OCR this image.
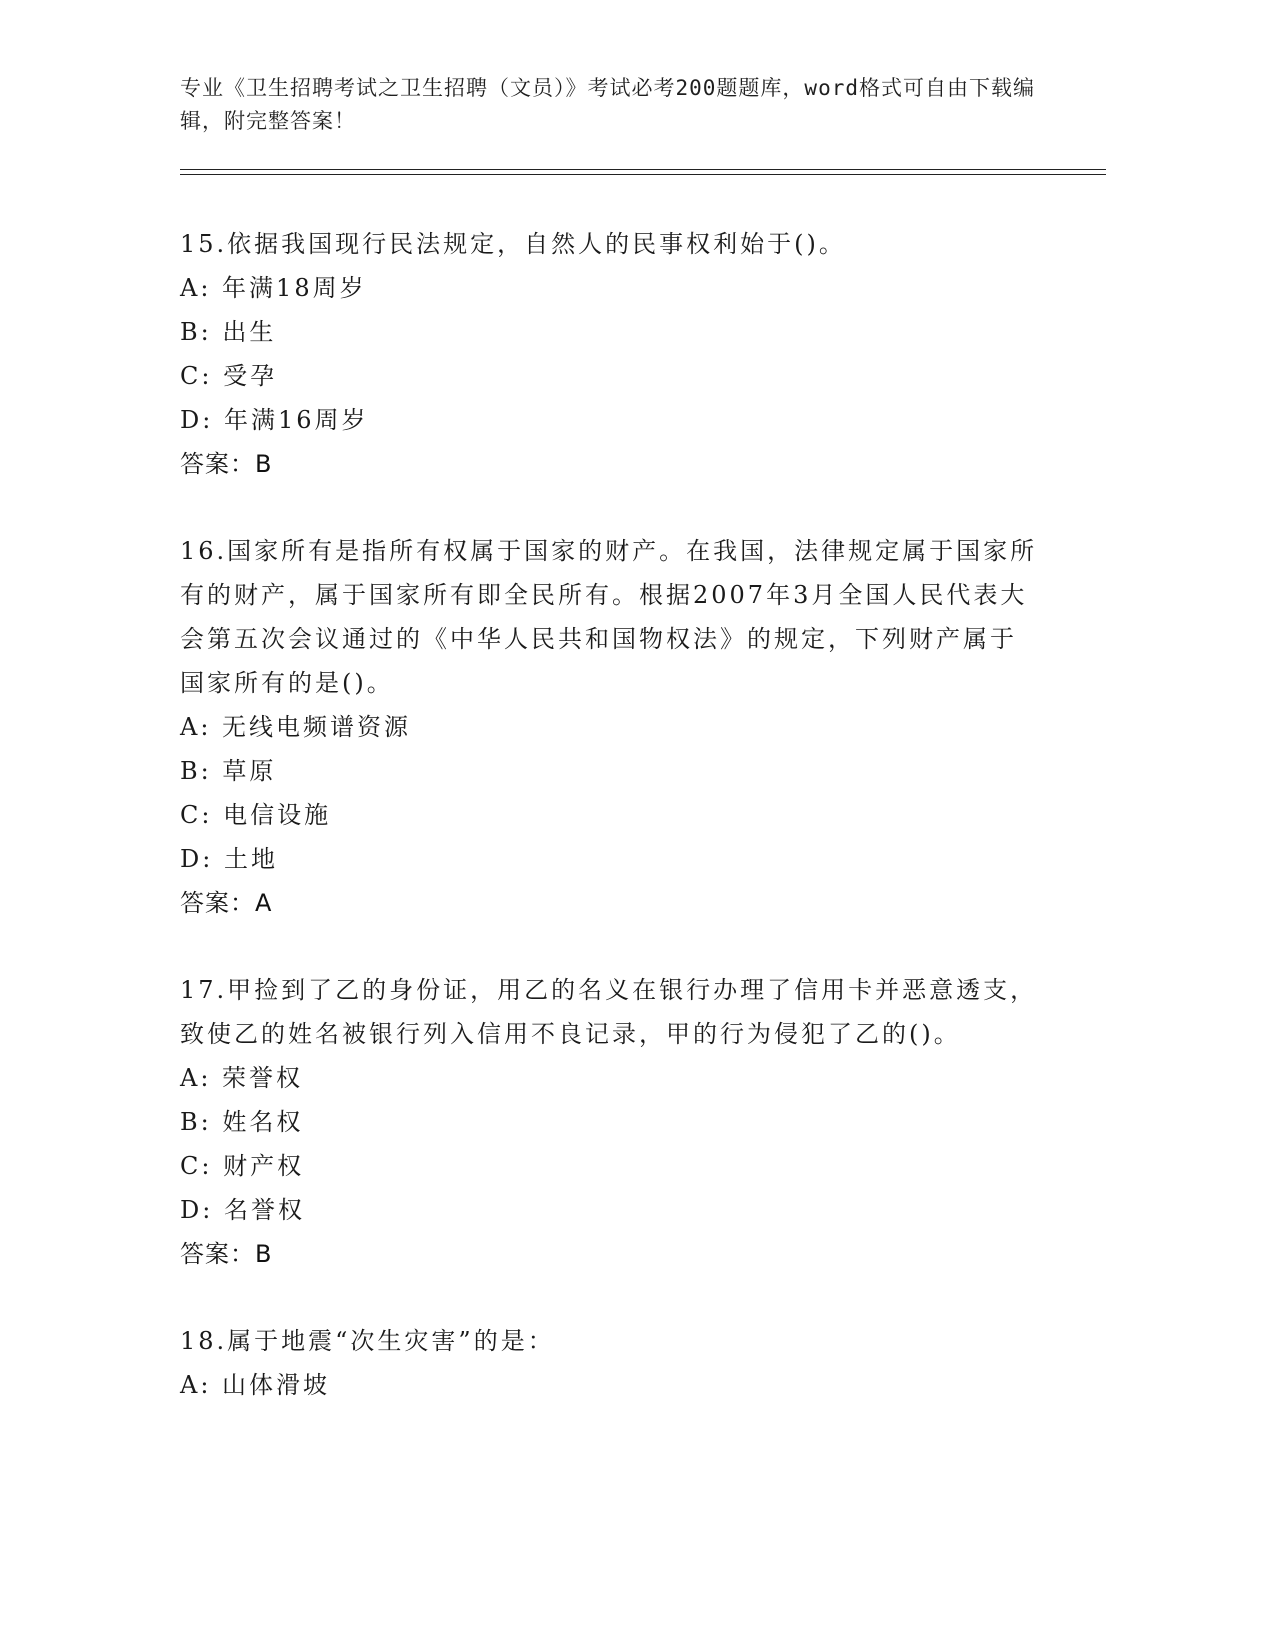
专业《卫生招聘考试之卫生招聘（文员）》考试必考200题题库，word格式可自由下载编辑，附完整答案！

15.依据我国现行民法规定，自然人的民事权利始于()。

A: 年满18周岁

B: 出生

C: 受孕

D: 年满16周岁

答案：B

16.国家所有是指所有权属于国家的财产。在我国，法律规定属于国家所有的财产，属于国家所有即全民所有。根据2007年3月全国人民代表大会第五次会议通过的《中华人民共和国物权法》的规定，下列财产属于国家所有的是()。

A: 无线电频谱资源

B: 草原

C: 电信设施

D: 土地

答案：A

17.甲捡到了乙的身份证，用乙的名义在银行办理了信用卡并恶意透支，致使乙的姓名被银行列入信用不良记录，甲的行为侵犯了乙的()。

A: 荣誉权

B: 姓名权

C: 财产权

D: 名誉权

答案：B

18.属于地震“次生灾害”的是：

A: 山体滑坡
